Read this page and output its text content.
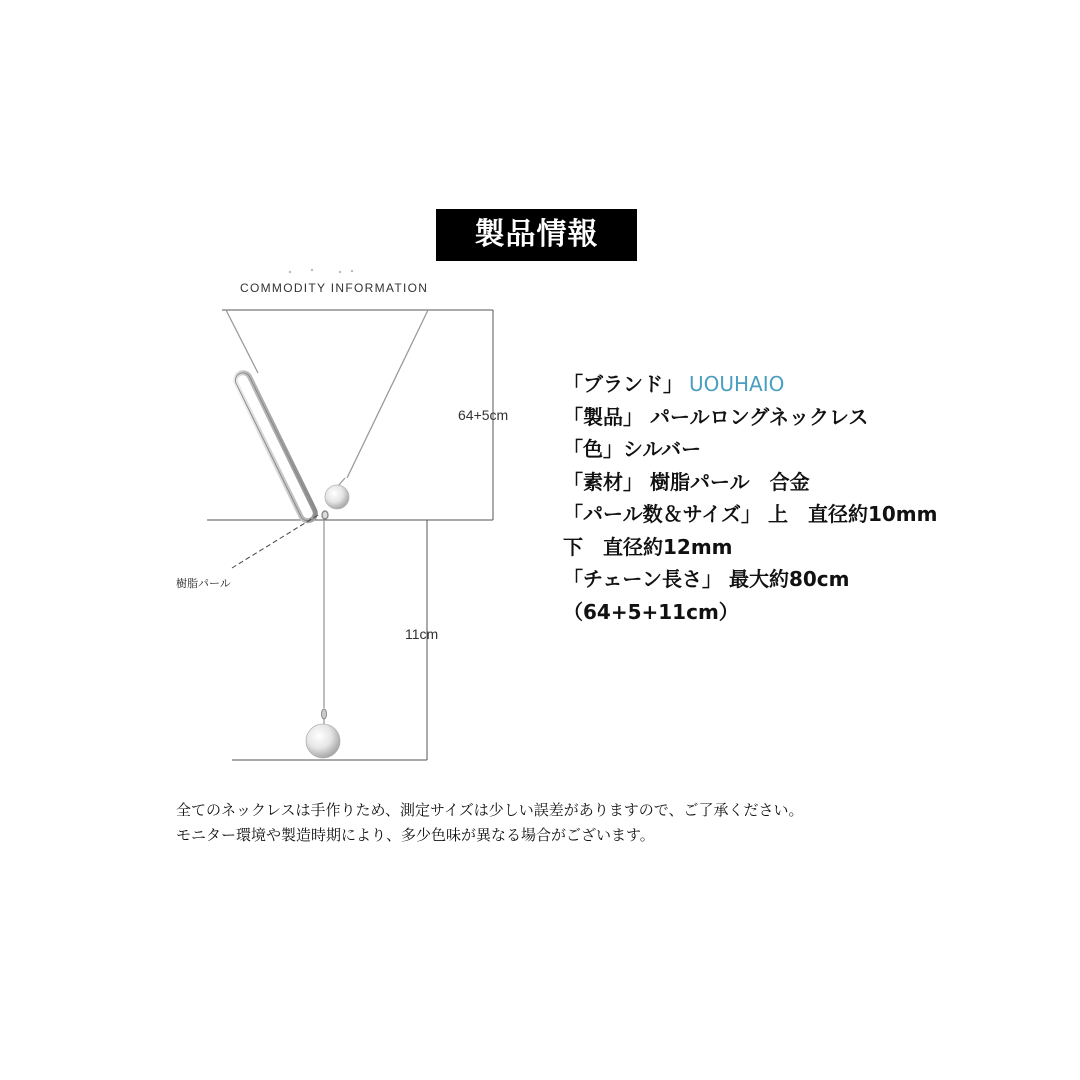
製品情報
COMMODITY INFORMATION
64+5cm
11cm
樹脂パール
「ブランド」 UOUHAIO
「製品」 パールロングネックレス
「色」シルバー
「素材」 樹脂パール　合金
「パール数＆サイズ」 上　直径約10mm
下　直径約12mm
「チェーン長さ」 最大約80cm
（64+5+11cm）
全てのネックレスは手作りため、測定サイズは少しい誤差がありますので、ご了承ください。
モニター環境や製造時期により、多少色味が異なる場合がございます。
